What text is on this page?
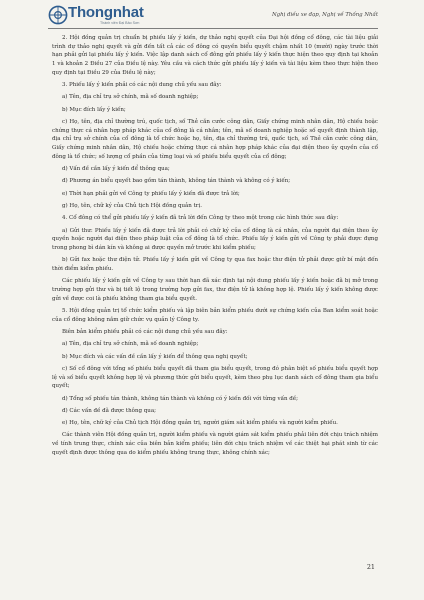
Thongnhat
Thành viên Đại Bảo Sơn
Nghị điều xe đạp, Nghị về Thống Nhất

2. Hội đồng quản trị chuẩn bị phiếu lấy ý kiến, dự thảo nghị quyết của Đại hội đồng cổ đông, các tài liệu giải trình dự thảo nghị quyết và gửi đến tất cả các cổ đông có quyền biểu quyết chậm nhất 10 (mười) ngày trước thời hạn phải gửi lại phiếu lấy ý kiến. Việc lập danh sách cổ đông gửi phiếu lấy ý kiến thực hiện theo quy định tại khoản 1 và khoản 2 Điều 27 của Điều lệ này. Yêu cầu và cách thức gửi phiếu lấy ý kiến và tài liệu kèm theo thực hiện theo quy định tại Điều 29 của Điều lệ này;

3. Phiếu lấy ý kiến phải có các nội dung chủ yếu sau đây:

a) Tên, địa chỉ trụ sở chính, mã số doanh nghiệp;

b) Mục đích lấy ý kiến;

c) Họ, tên, địa chỉ thường trú, quốc tịch, số Thẻ căn cước công dân, Giấy chứng minh nhân dân, Hộ chiếu hoặc chứng thực cá nhân hợp pháp khác của cổ đông là cá nhân; tên, mã số doanh nghiệp hoặc số quyết định thành lập, địa chỉ trụ sở chính của cổ đông là tổ chức hoặc họ, tên, địa chỉ thường trú, quốc tịch, số Thẻ căn cước công dân, Giấy chứng minh nhân dân, Hộ chiếu hoặc chứng thực cá nhân hợp pháp khác của đại diện theo ủy quyền của cổ đông là tổ chức; số lượng cổ phần của từng loại và số phiếu biểu quyết của cổ đông;

d) Vấn đề cần lấy ý kiến để thông qua;

đ) Phương án biểu quyết bao gồm tán thành, không tán thành và không có ý kiến;

e) Thời hạn phải gửi về Công ty phiếu lấy ý kiến đã được trả lời;

g) Họ, tên, chữ ký của Chủ tịch Hội đồng quản trị.

4. Cổ đông có thể gửi phiếu lấy ý kiến đã trả lời đến Công ty theo một trong các hình thức sau đây:

a) Gửi thư: Phiếu lấy ý kiến đã được trả lời phải có chữ ký của cổ đông là cá nhân, của người đại diện theo ủy quyền hoặc người đại diện theo pháp luật của cổ đông là tổ chức. Phiếu lấy ý kiến gửi về Công ty phải được đựng trong phong bì dán kín và không ai được quyền mở trước khi kiểm phiếu;

b) Gửi fax hoặc thư điện tử. Phiếu lấy ý kiến gửi về Công ty qua fax hoặc thư điện tử phải được giữ bí mật đến thời điểm kiểm phiếu.

Các phiếu lấy ý kiến gửi về Công ty sau thời hạn đã xác định tại nội dung phiếu lấy ý kiến hoặc đã bị mở trong trường hợp gửi thư và bị tiết lộ trong trường hợp gửi fax, thư điện tử là không hợp lệ. Phiếu lấy ý kiến không được gửi về được coi là phiếu không tham gia biểu quyết.

5. Hội đồng quản trị tổ chức kiểm phiếu và lập biên bản kiểm phiếu dưới sự chứng kiến của Ban kiểm soát hoặc của cổ đông không nắm giữ chức vụ quản lý Công ty.

Biên bản kiểm phiếu phải có các nội dung chủ yếu sau đây:

a) Tên, địa chỉ trụ sở chính, mã số doanh nghiệp;

b) Mục đích và các vấn đề cần lấy ý kiến để thông qua nghị quyết;

c) Số cổ đông với tổng số phiếu biểu quyết đã tham gia biểu quyết, trong đó phân biệt số phiếu biểu quyết hợp lệ và số biểu quyết không hợp lệ và phương thức gửi biểu quyết, kèm theo phụ lục danh sách cổ đông tham gia biểu quyết;

d) Tổng số phiếu tán thành, không tán thành và không có ý kiến đối với từng vấn đề;

đ) Các vấn đề đã được thông qua;

e) Họ, tên, chữ ký của Chủ tịch Hội đồng quản trị, người giám sát kiểm phiếu và người kiểm phiếu.

Các thành viên Hội đồng quản trị, người kiểm phiếu và người giám sát kiểm phiếu phải liên đới chịu trách nhiệm về tính trung thực, chính xác của biên bản kiểm phiếu; liên đới chịu trách nhiệm về các thiệt hại phát sinh từ các quyết định được thông qua do kiểm phiếu không trung thực, không chính xác;

21
